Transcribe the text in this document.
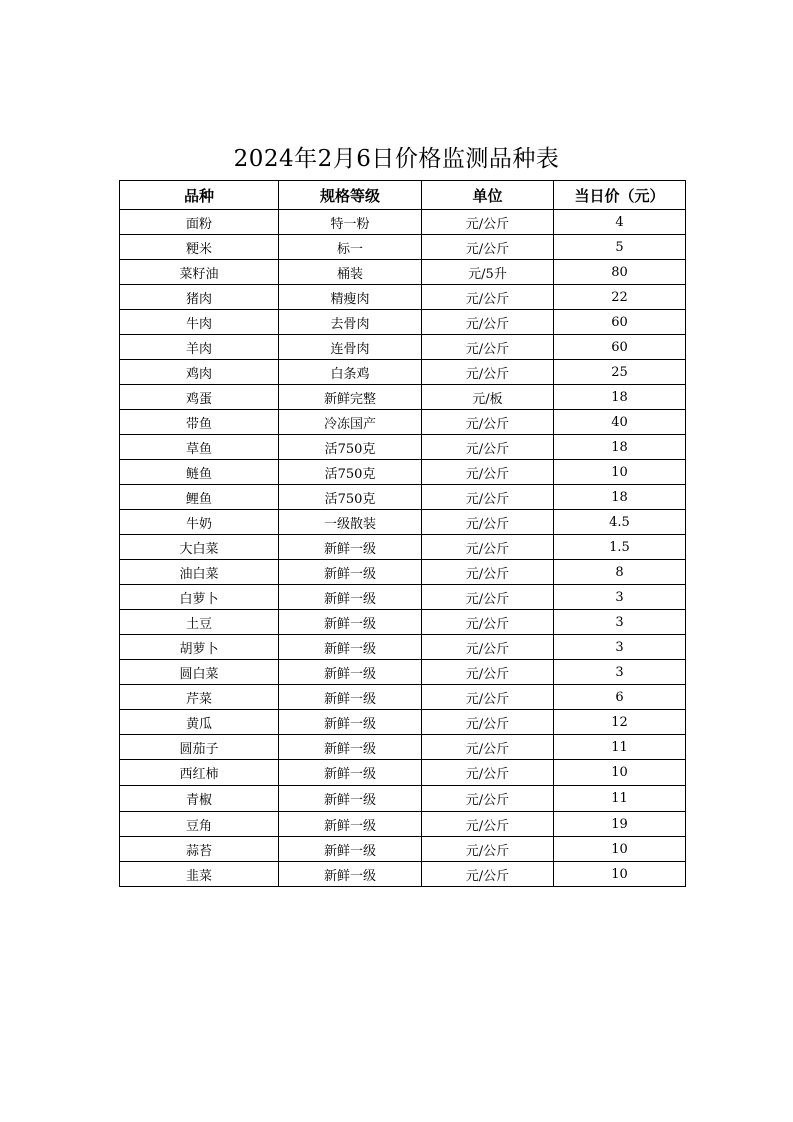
2024年2月6日价格监测品种表
品种	规格等级	单位	当日价（元）
面粉	特一粉	元/公斤	4
粳米	标一	元/公斤	5
菜籽油	桶装	元/5升	80
猪肉	精瘦肉	元/公斤	22
牛肉	去骨肉	元/公斤	60
羊肉	连骨肉	元/公斤	60
鸡肉	白条鸡	元/公斤	25
鸡蛋	新鲜完整	元/板	18
带鱼	冷冻国产	元/公斤	40
草鱼	活750克	元/公斤	18
鲢鱼	活750克	元/公斤	10
鲤鱼	活750克	元/公斤	18
牛奶	一级散装	元/公斤	4.5
大白菜	新鲜一级	元/公斤	1.5
油白菜	新鲜一级	元/公斤	8
白萝卜	新鲜一级	元/公斤	3
土豆	新鲜一级	元/公斤	3
胡萝卜	新鲜一级	元/公斤	3
圆白菜	新鲜一级	元/公斤	3
芹菜	新鲜一级	元/公斤	6
黄瓜	新鲜一级	元/公斤	12
圆茄子	新鲜一级	元/公斤	11
西红柿	新鲜一级	元/公斤	10
青椒	新鲜一级	元/公斤	11
豆角	新鲜一级	元/公斤	19
蒜苔	新鲜一级	元/公斤	10
韭菜	新鲜一级	元/公斤	10
